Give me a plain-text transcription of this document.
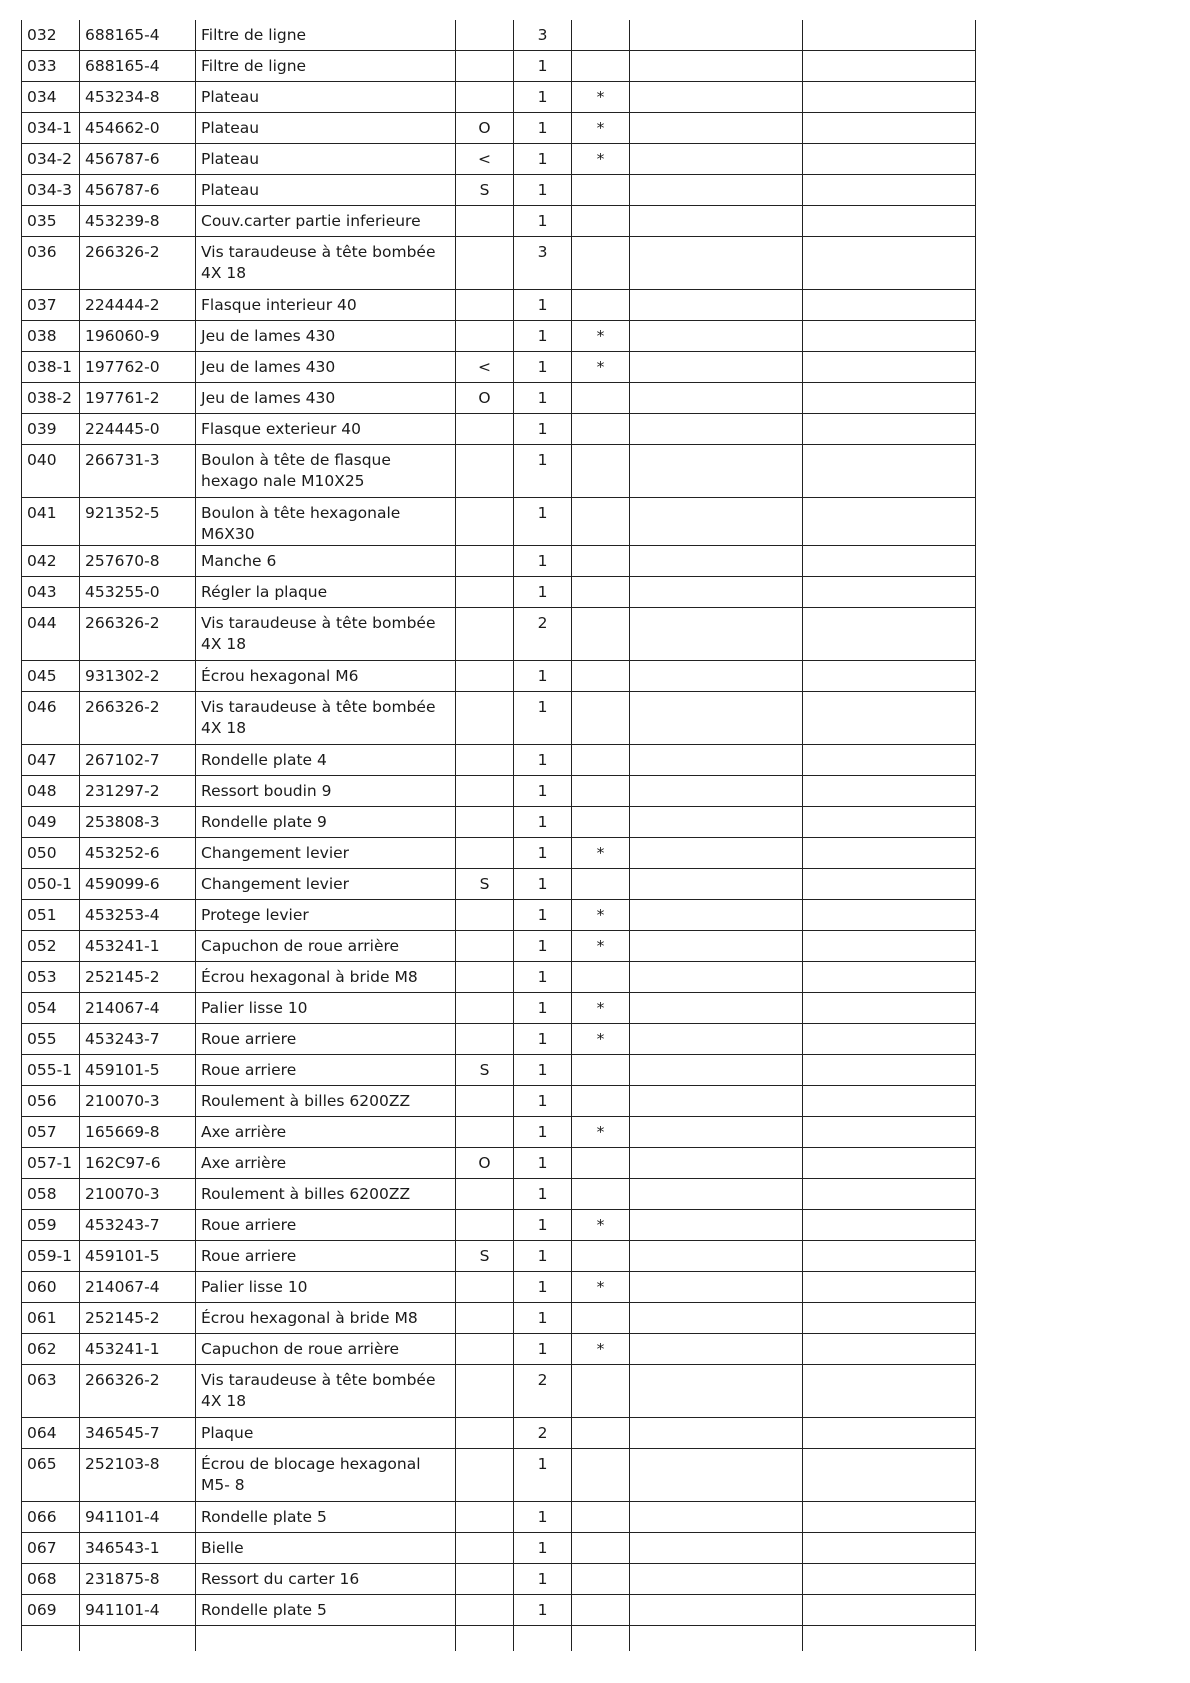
032	688165-4	Filtre de ligne		3			
033	688165-4	Filtre de ligne		1			
034	453234-8	Plateau		1	*		
034-1	454662-0	Plateau	O	1	*		
034-2	456787-6	Plateau	<	1	*		
034-3	456787-6	Plateau	S	1			
035	453239-8	Couv.carter partie inferieure		1			
036	266326-2	Vis taraudeuse à tête bombée 4X 18		3			
037	224444-2	Flasque interieur 40		1			
038	196060-9	Jeu de lames 430		1	*		
038-1	197762-0	Jeu de lames 430	<	1	*		
038-2	197761-2	Jeu de lames 430	O	1			
039	224445-0	Flasque exterieur 40		1			
040	266731-3	Boulon à tête de flasque hexago nale M10X25		1			
041	921352-5	Boulon à tête hexagonale M6X30		1			
042	257670-8	Manche 6		1			
043	453255-0	Régler la plaque		1			
044	266326-2	Vis taraudeuse à tête bombée 4X 18		2			
045	931302-2	Écrou hexagonal M6		1			
046	266326-2	Vis taraudeuse à tête bombée 4X 18		1			
047	267102-7	Rondelle plate 4		1			
048	231297-2	Ressort boudin 9		1			
049	253808-3	Rondelle plate 9		1			
050	453252-6	Changement levier		1	*		
050-1	459099-6	Changement levier	S	1			
051	453253-4	Protege levier		1	*		
052	453241-1	Capuchon de roue arrière		1	*		
053	252145-2	Écrou hexagonal à bride M8		1			
054	214067-4	Palier lisse 10		1	*		
055	453243-7	Roue arriere		1	*		
055-1	459101-5	Roue arriere	S	1			
056	210070-3	Roulement à billes 6200ZZ		1			
057	165669-8	Axe arrière		1	*		
057-1	162C97-6	Axe arrière	O	1			
058	210070-3	Roulement à billes 6200ZZ		1			
059	453243-7	Roue arriere		1	*		
059-1	459101-5	Roue arriere	S	1			
060	214067-4	Palier lisse 10		1	*		
061	252145-2	Écrou hexagonal à bride M8		1			
062	453241-1	Capuchon de roue arrière		1	*		
063	266326-2	Vis taraudeuse à tête bombée 4X 18		2			
064	346545-7	Plaque		2			
065	252103-8	Écrou de blocage hexagonal M5- 8		1			
066	941101-4	Rondelle plate 5		1			
067	346543-1	Bielle		1			
068	231875-8	Ressort du carter 16		1			
069	941101-4	Rondelle plate 5		1			
